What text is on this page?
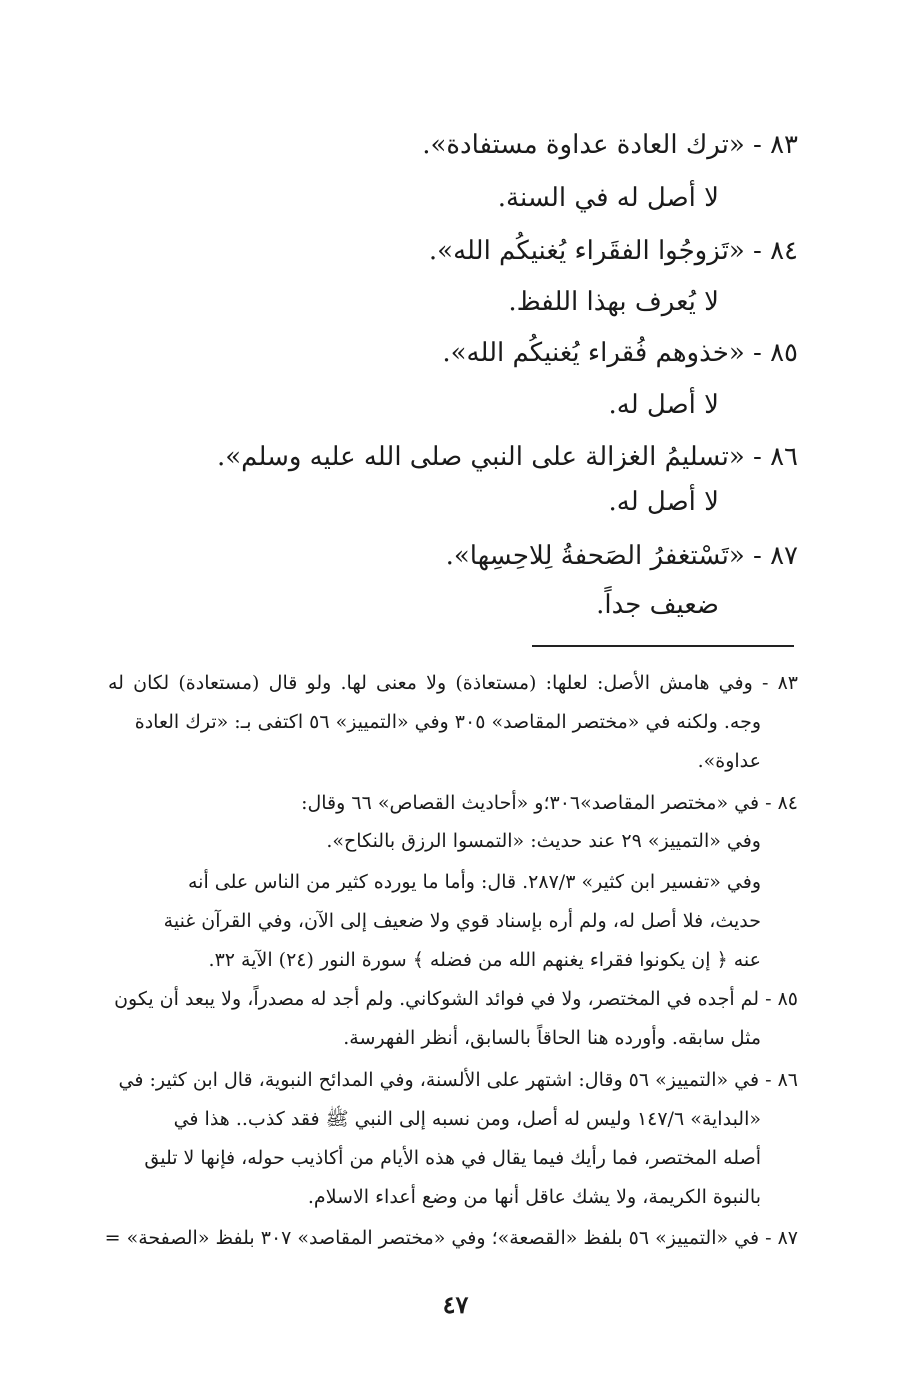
٨٣ - «ترك العادة عداوة مستفادة».
لا أصل له في السنة.
٨٤ - «تَزوجُوا الفقَراء يُغنيكُم الله».
لا يُعرف بهذا اللفظ.
٨٥ - «خذوهم فُقراء يُغنيكُم الله».
لا أصل له.
٨٦ - «تسليمُ الغزالة على النبي صلى الله عليه وسلم».
لا أصل له.
٨٧ - «تَسْتغفرُ الصَحفةُ لِلاحِسِها».
ضعيف جداً.
٨٣ - وفي هامش الأصل: لعلها: (مستعاذة) ولا معنى لها. ولو قال (مستعادة) لكان له
وجه. ولكنه في «مختصر المقاصد» ٣٠٥ وفي «التمييز» ٥٦ اكتفى بـ: «ترك العادة
عداوة».
٨٤ - في «مختصر المقاصد»٣٠٦؛و «أحاديث القصاص» ٦٦ وقال:
وفي «التمييز» ٢٩ عند حديث: «التمسوا الرزق بالنكاح».
وفي «تفسير ابن كثير» ٢٨٧/٣. قال: وأما ما يورده كثير من الناس على أنه
حديث، فلا أصل له، ولم أره بإسناد قوي ولا ضعيف إلى الآن، وفي القرآن غنية
عنه ﴿ إن يكونوا فقراء يغنهم الله من فضله ﴾ سورة النور (٢٤) الآية ٣٢.
٨٥ - لم أجده في المختصر، ولا في فوائد الشوكاني. ولم أجد له مصدراً، ولا يبعد أن يكون
مثل سابقه. وأورده هنا الحاقاً بالسابق، أنظر الفهرسة.
٨٦ - في «التمييز» ٥٦ وقال: اشتهر على الألسنة، وفي المدائح النبوية، قال ابن كثير: في
«البداية» ١٤٧/٦ وليس له أصل، ومن نسبه إلى النبي ﷺ فقد كذب.. هذا في
أصله المختصر، فما رأيك فيما يقال في هذه الأيام من أكاذيب حوله، فإنها لا تليق
بالنبوة الكريمة، ولا يشك عاقل أنها من وضع أعداء الاسلام.
٨٧ - في «التمييز» ٥٦ بلفظ «القصعة»؛ وفي «مختصر المقاصد» ٣٠٧ بلفظ «الصفحة» =
٤٧
